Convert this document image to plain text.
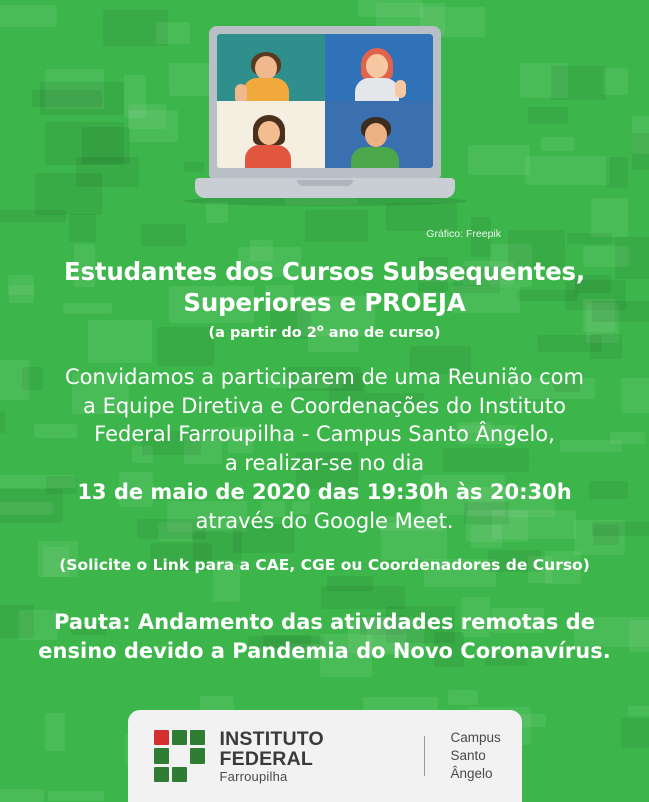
Gráfico: Freepik
Estudantes dos Cursos Subsequentes,
Superiores e PROEJA
(a partir do 2$^o$ ano de curso)
Convidamos a participarem de uma Reunião com
a Equipe Diretiva e Coordenações do Instituto
Federal Farroupilha - Campus Santo Ângelo,
a realizar-se no dia
13 de maio de 2020 das 19:30h às 20:30h
através do Google Meet.
(Solicite o Link para a CAE, CGE ou Coordenadores de Curso)
Pauta: Andamento das atividades remotas de
ensino devido a Pandemia do Novo Coronavírus.
INSTITUTO FEDERAL
Farroupilha
Campus
Santo Ângelo
